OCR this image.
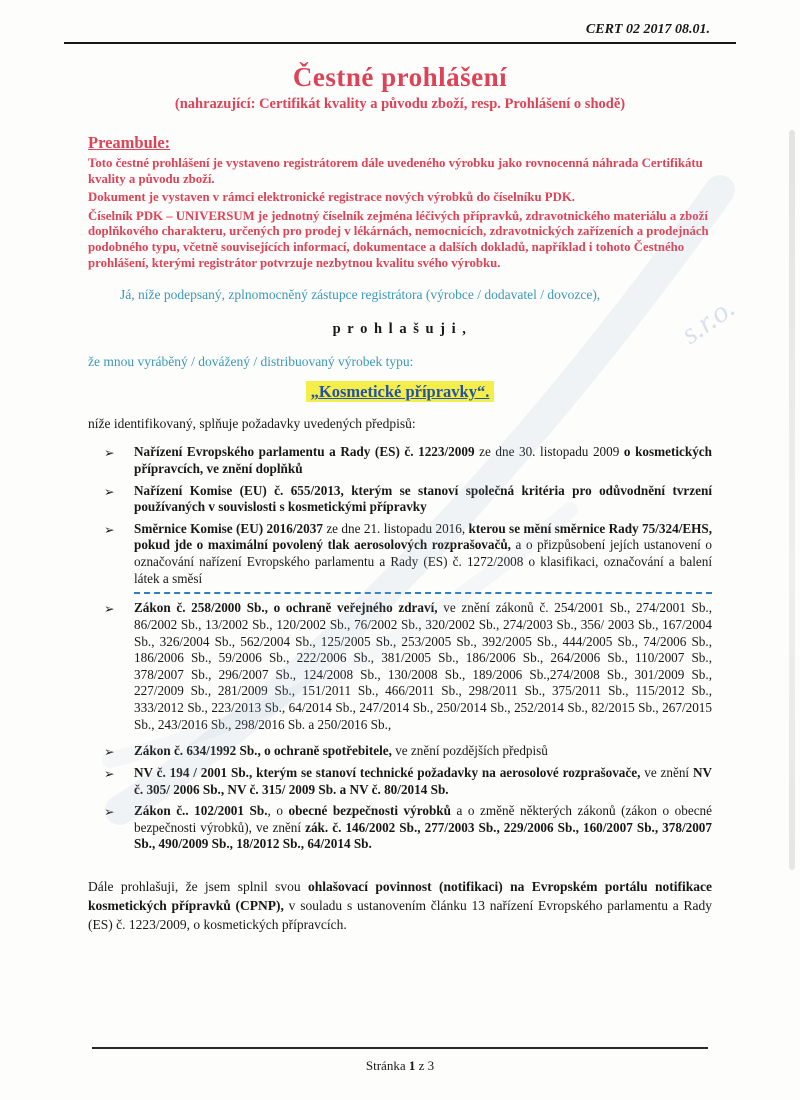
s.r.o.
CERT 02 2017 08.01.
Čestné prohlášení
(nahrazující: Certifikát kvality a původu zboží, resp. Prohlášení o shodě)
Preambule:

Toto čestné prohlášení je vystaveno registrátorem dále uvedeného výrobku jako rovnocenná náhrada Certifikátu kvality a původu zboží.

Dokument je vystaven v rámci elektronické registrace nových výrobků do číselníku PDK.

Číselník PDK – UNIVERSUM je jednotný číselník zejména léčivých přípravků, zdravotnického materiálu a zboží doplňkového charakteru, určených pro prodej v lékárnách, nemocnicích, zdravotnických zařízeních a prodejnách podobného typu, včetně souvisejících informací, dokumentace a dalších dokladů, například i tohoto Čestného prohlášení, kterými registrátor potvrzuje nezbytnou kvalitu svého výrobku.

Já, níže podepsaný, zplnomocněný zástupce registrátora (výrobce / dodavatel / dovozce),

p r o h l a š u j i ,

že mnou vyráběný / dovážený / distribuovaný výrobek typu:

„Kosmetické přípravky“.

níže identifikovaný, splňuje požadavky uvedených předpisů:

➢	Nařízení Evropského parlamentu a Rady (ES) č. 1223/2009 ze dne 30. listopadu 2009 o kosmetických přípravcích, ve znění doplňků
➢	Nařízení Komise (EU) č. 655/2013, kterým se stanoví společná kritéria pro odůvodnění tvrzení používaných v souvislosti s kosmetickými přípravky
➢	Směrnice Komise (EU) 2016/2037 ze dne 21. listopadu 2016, kterou se mění směrnice Rady 75/324/EHS, pokud jde o maximální povolený tlak aerosolových rozprašovačů, a o přizpůsobení jejích ustanovení o označování nařízení Evropského parlamentu a Rady (ES) č. 1272/2008 o klasifikaci, označování a balení látek a směsí
➢	Zákon č. 258/2000 Sb., o ochraně veřejného zdraví, ve znění zákonů č. 254/2001 Sb., 274/2001 Sb., 86/2002 Sb., 13/2002 Sb., 120/2002 Sb., 76/2002 Sb., 320/2002 Sb., 274/2003 Sb., 356/ 2003 Sb., 167/2004 Sb., 326/2004 Sb., 562/2004 Sb., 125/2005 Sb., 253/2005 Sb., 392/2005 Sb., 444/2005 Sb., 74/2006 Sb., 186/2006 Sb., 59/2006 Sb., 222/2006 Sb., 381/2005 Sb., 186/2006 Sb., 264/2006 Sb., 110/2007 Sb., 378/2007 Sb., 296/2007 Sb., 124/2008 Sb., 130/2008 Sb., 189/2006 Sb.,274/2008 Sb., 301/2009 Sb., 227/2009 Sb., 281/2009 Sb., 151/2011 Sb., 466/2011 Sb., 298/2011 Sb., 375/2011 Sb., 115/2012 Sb., 333/2012 Sb., 223/2013 Sb., 64/2014 Sb., 247/2014 Sb., 250/2014 Sb., 252/2014 Sb., 82/2015 Sb., 267/2015 Sb., 243/2016 Sb., 298/2016 Sb. a 250/2016 Sb.,
➢	Zákon č. 634/1992 Sb., o ochraně spotřebitele, ve znění pozdějších předpisů
➢	NV č. 194 / 2001 Sb., kterým se stanoví technické požadavky na aerosolové rozprašovače, ve znění NV č. 305/ 2006 Sb., NV č. 315/ 2009 Sb. a NV č. 80/2014 Sb.
➢	Zákon č.. 102/2001 Sb., o obecné bezpečnosti výrobků a o změně některých zákonů (zákon o obecné bezpečnosti výrobků), ve znění zák. č. 146/2002 Sb., 277/2003 Sb., 229/2006 Sb., 160/2007 Sb., 378/2007 Sb., 490/2009 Sb., 18/2012 Sb., 64/2014 Sb.

Dále prohlašuji, že jsem splnil svou ohlašovací povinnost (notifikaci) na Evropském portálu notifikace kosmetických přípravků (CPNP), v souladu s ustanovením článku 13 nařízení Evropského parlamentu a Rady (ES) č. 1223/2009, o kosmetických přípravcích.

Stránka 1 z 3
